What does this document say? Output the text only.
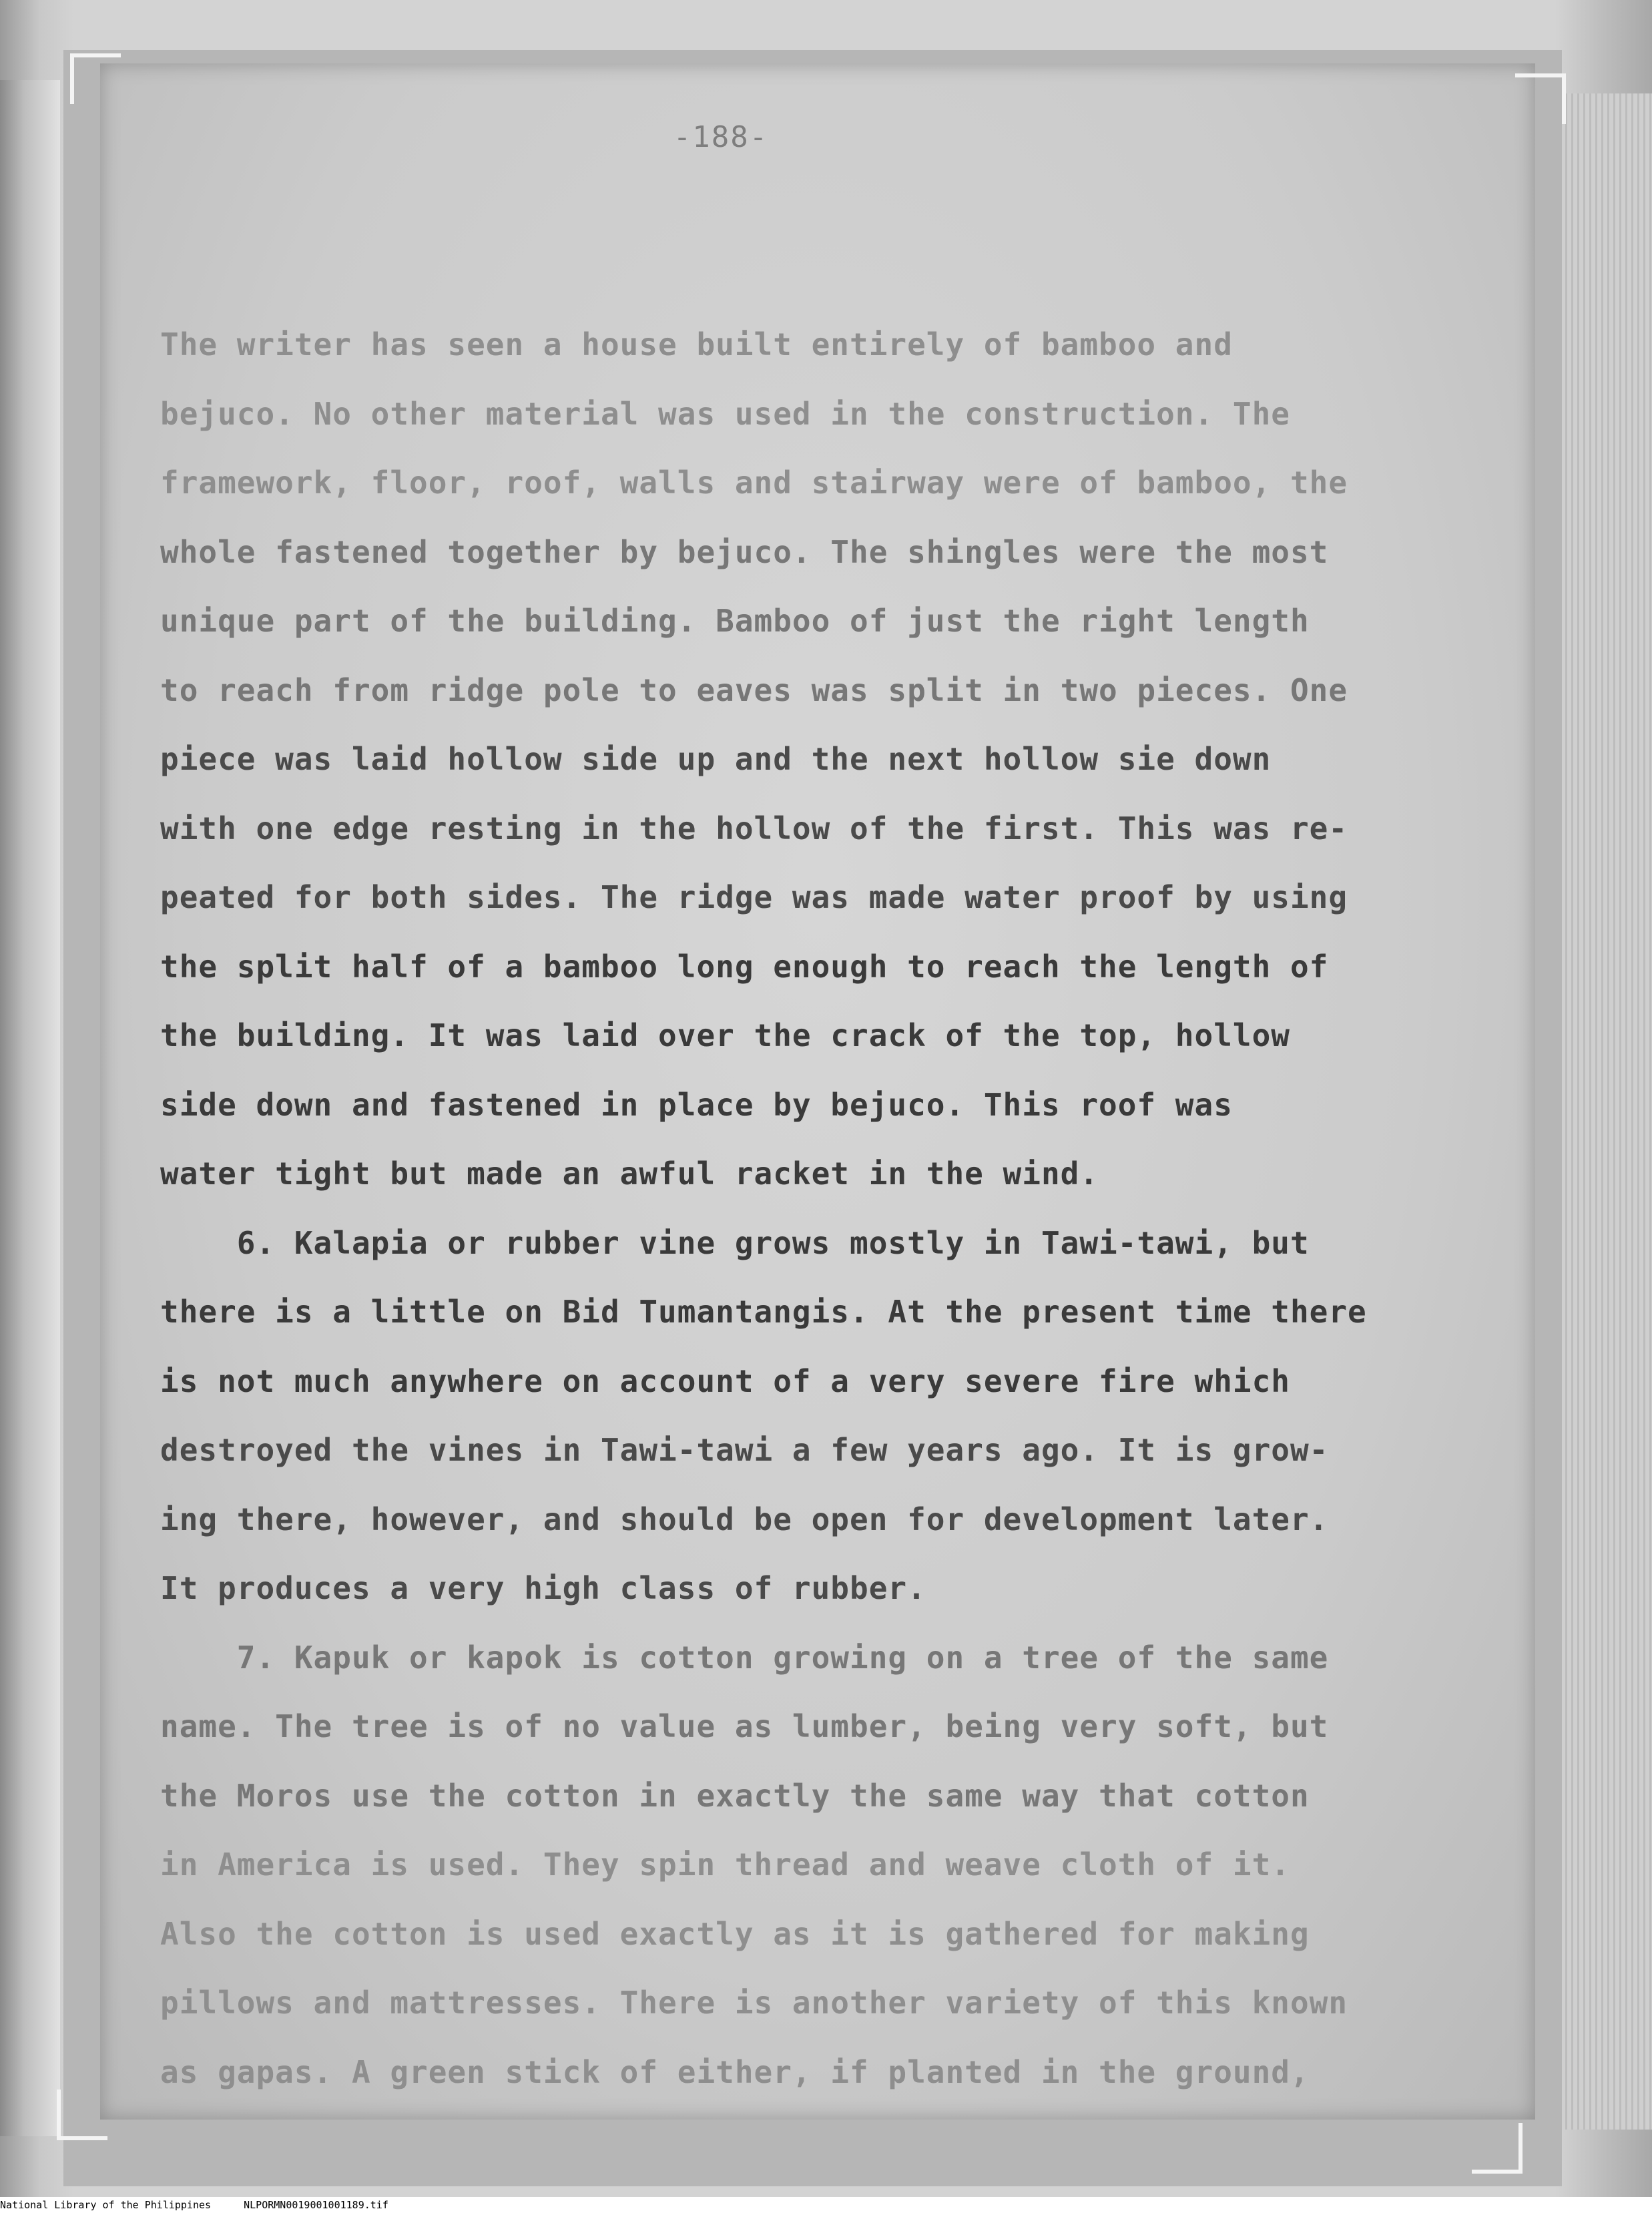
-188-
The writer has seen a house built entirely of bamboo and
bejuco. No other material was used in the construction. The
framework, floor, roof, walls and stairway were of bamboo, the
whole fastened together by bejuco. The shingles were the most
unique part of the building. Bamboo of just the right length
to reach from ridge pole to eaves was split in two pieces. One
piece was laid hollow side up and the next hollow sie down
with one edge resting in the hollow of the first. This was re-
peated for both sides. The ridge was made water proof by using
the split half of a bamboo long enough to reach the length of
the building. It was laid over the crack of the top, hollow
side down and fastened in place by bejuco. This roof was
water tight but made an awful racket in the wind.
6. Kalapia or rubber vine grows mostly in Tawi-tawi, but
there is a little on Bid Tumantangis. At the present time there
is not much anywhere on account of a very severe fire which
destroyed the vines in Tawi-tawi a few years ago. It is grow-
ing there, however, and should be open for development later.
It produces a very high class of rubber.
7. Kapuk or kapok is cotton growing on a tree of the same
name. The tree is of no value as lumber, being very soft, but
the Moros use the cotton in exactly the same way that cotton
in America is used. They spin thread and weave cloth of it.
Also the cotton is used exactly as it is gathered for making
pillows and mattresses. There is another variety of this known
as gapas. A green stick of either, if planted in the ground,
National Library of the Philippines	NLPORMN0019001001189.tif
